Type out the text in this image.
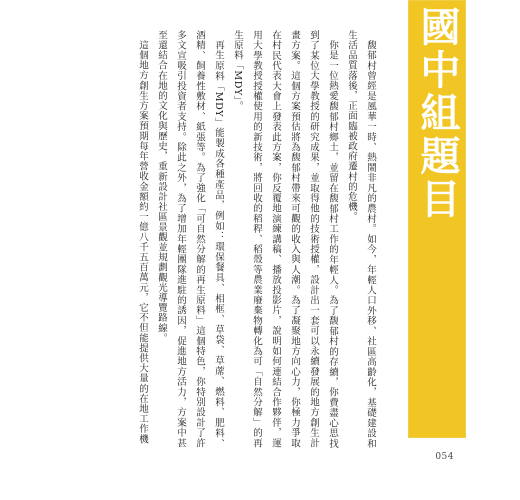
馥郁村曾經是風華一時、熱鬧非凡的農村。如今，年輕人口外移、社區高齡化，基礎建設和生活品質落後，正面臨被政府遷村的危機。

你是一位熱愛馥郁村鄉土，並留在馥郁村工作的年輕人。為了馥郁村的存續，你費盡心思找到了某位大學教授的研究成果，並取得他的技術授權，設計出一套可以永續發展的地方創生計畫方案。這個方案預估將為馥郁村帶來可觀的收入與人潮。為了凝聚地方向心力，你極力爭取在村民代表大會上發表此方案，你反覆地演練講稿、播放投影片，說明如何連結合作夥伴，運用大學教授授權使用的新技術，將回收的稻稈、稻殼等農業廢棄物轉化為可「自然分解」的再生原料「MDY」。

再生原料「MDY」能製成各種產品，例如：環保餐具、相框、草袋、草蓆、燃料、肥料、酒精、飼養性敷材、紙張等。為了強化「可自然分解的再生原料」這個特色，你特別設計了許多文宣吸引投資者支持。除此之外，為了增加年輕團隊進駐的誘因，促進地方活力，方案中甚至還結合在地的文化與歷史，重新設計社區景觀並規劃觀光導覽路線。

這個地方創生方案預期每年營收金額約一億八千五百萬元，它不但能提供大量的在地工作機	國中組題目
054
